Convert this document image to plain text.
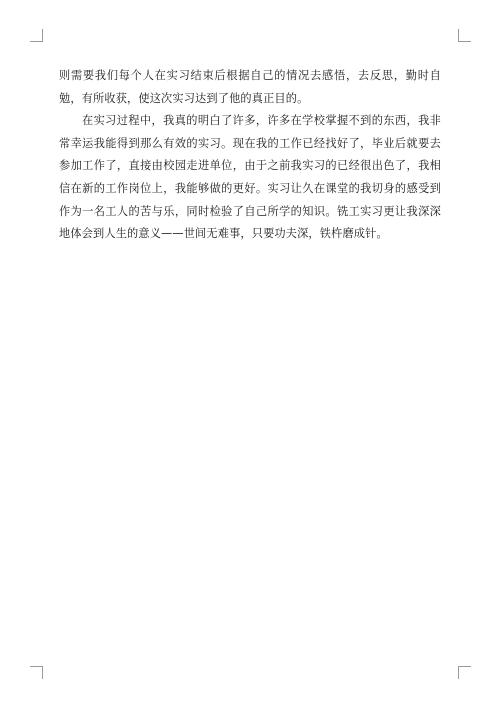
则需要我们每个人在实习结束后根据自己的情况去感悟，去反思，勤时自勉，有所收获，使这次实习达到了他的真正目的。

在实习过程中，我真的明白了许多，许多在学校掌握不到的东西，我非常幸运我能得到那么有效的实习。现在我的工作已经找好了，毕业后就要去参加工作了，直接由校园走进单位，由于之前我实习的已经很出色了，我相信在新的工作岗位上，我能够做的更好。实习让久在课堂的我切身的感受到作为一名工人的苦与乐，同时检验了自己所学的知识。铣工实习更让我深深地体会到人生的意义——世间无难事，只要功夫深，铁杵磨成针。
